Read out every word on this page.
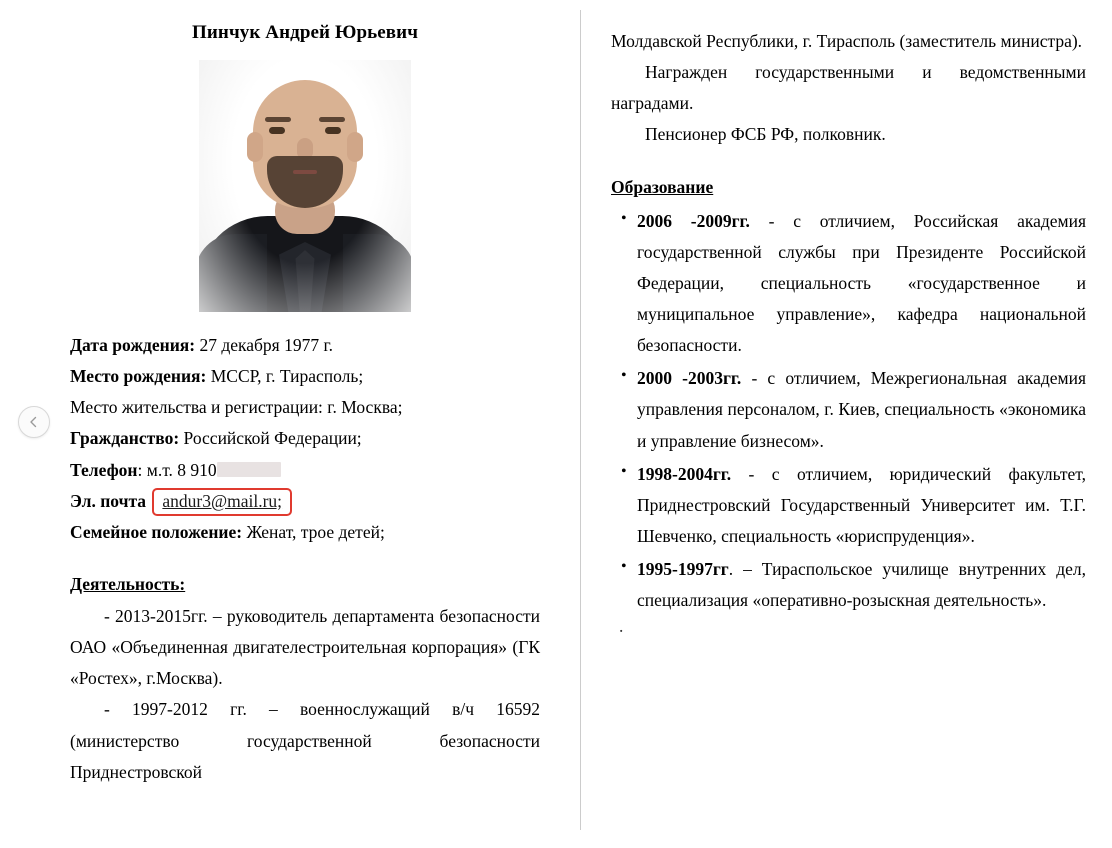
Пинчук Андрей Юрьевич
Дата рождения: 27 декабря 1977 г.
Место рождения: МССР, г. Тирасполь;
Место жительства и регистрации: г. Москва;
Гражданство: Российской Федерации;
Телефон: м.т. 8 910
Эл. почта andur3@mail.ru;
Семейное положение: Женат, трое детей;
Деятельность:

- 2013-2015гг. – руководитель департамента безопасности ОАО «Объединенная двигателестроительная корпорация» (ГК «Ростех», г.Москва).

- 1997-2012 гг. – военнослужащий в/ч 16592 (министерство государственной безопасности Приднестровской

Молдавской Республики, г. Тирасполь (заместитель министра).

Награжден государственными и ведомственными наградами.

Пенсионер ФСБ РФ, полковник.

Образование
• 2006 -2009гг. - с отличием, Российская академия государственной службы при Президенте Российской Федерации, специальность «государственное и муниципальное управление», кафедра национальной безопасности.
• 2000 -2003гг. - с отличием, Межрегиональная академия управления персоналом, г. Киев, специальность «экономика и управление бизнесом».
• 1998-2004гг. - с отличием, юридический факультет, Приднестровский Государственный Университет им. Т.Г. Шевченко, специальность «юриспруденция».
• 1995-1997гг. – Тираспольское училище внутренних дел, специализация «оперативно-розыскная деятельность».
.
